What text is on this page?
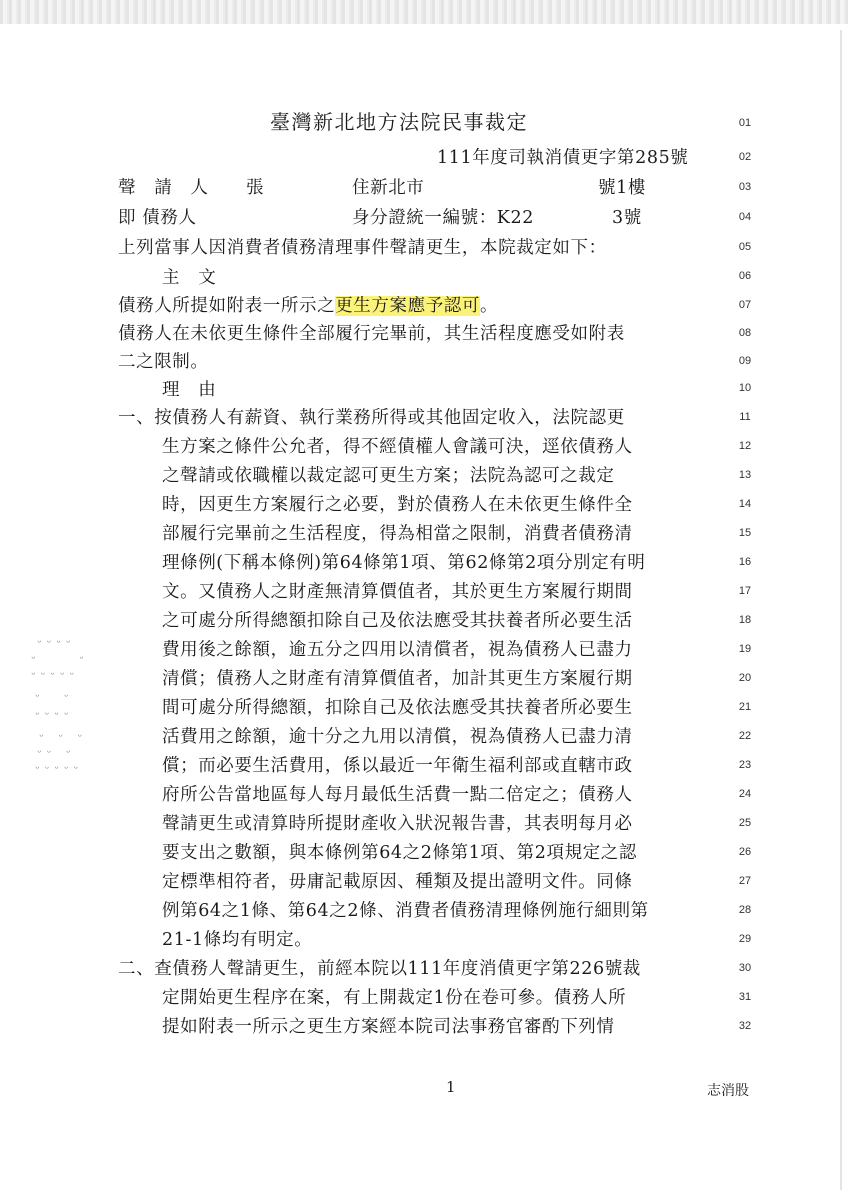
臺灣新北地方法院民事裁定
111年度司執消債更字第285號
聲　請　人 張	住新北市	號1樓
即 債務人	身分證統一編號：K22	3號
上列當事人因消費者債務清理事件聲請更生，本院裁定如下：
主　文
債務人所提如附表一所示之更生方案應予認可。
債務人在未依更生條件全部履行完畢前，其生活程度應受如附表
二之限制。
理　由
一、按債務人有薪資、執行業務所得或其他固定收入，法院認更
生方案之條件公允者，得不經債權人會議可決，逕依債務人
之聲請或依職權以裁定認可更生方案；法院為認可之裁定
時，因更生方案履行之必要，對於債務人在未依更生條件全
部履行完畢前之生活程度，得為相當之限制，消費者債務清
理條例(下稱本條例)第64條第1項、第62條第2項分別定有明
文。又債務人之財產無清算價值者，其於更生方案履行期間
之可處分所得總額扣除自己及依法應受其扶養者所必要生活
費用後之餘額，逾五分之四用以清償者，視為債務人已盡力
清償；債務人之財產有清算價值者，加計其更生方案履行期
間可處分所得總額，扣除自己及依法應受其扶養者所必要生
活費用之餘額，逾十分之九用以清償，視為債務人已盡力清
償；而必要生活費用，係以最近一年衛生福利部或直轄市政
府所公告當地區每人每月最低生活費一點二倍定之；債務人
聲請更生或清算時所提財產收入狀況報告書，其表明每月必
要支出之數額，與本條例第64之2條第1項、第2項規定之認
定標準相符者，毋庸記載原因、種類及提出證明文件。同條
例第64之1條、第64之2條、消費者債務清理條例施行細則第
21-1條均有明定。
二、查債務人聲請更生，前經本院以111年度消債更字第226號裁
定開始更生程序在案，有上開裁定1份在卷可參。債務人所
提如附表一所示之更生方案經本院司法事務官審酌下列情
01
02
03
04
05
06
07
08
09
10
11
12
13
14
15
16
17
18
19
20
21
22
23
24
25
26
27
28
29
30
31
32
ᵕᵕᵕᵕ
ᵕ    ᵕ
ᵕᵕᵕᵕᵕ
ᵕ  ᵕ
ᵕᵕᵕᵕ
ᵕ ᵕ ᵕ
ᵕᵕ ᵕ
ᵕᵕᵕᵕᵕ
1	志消股
